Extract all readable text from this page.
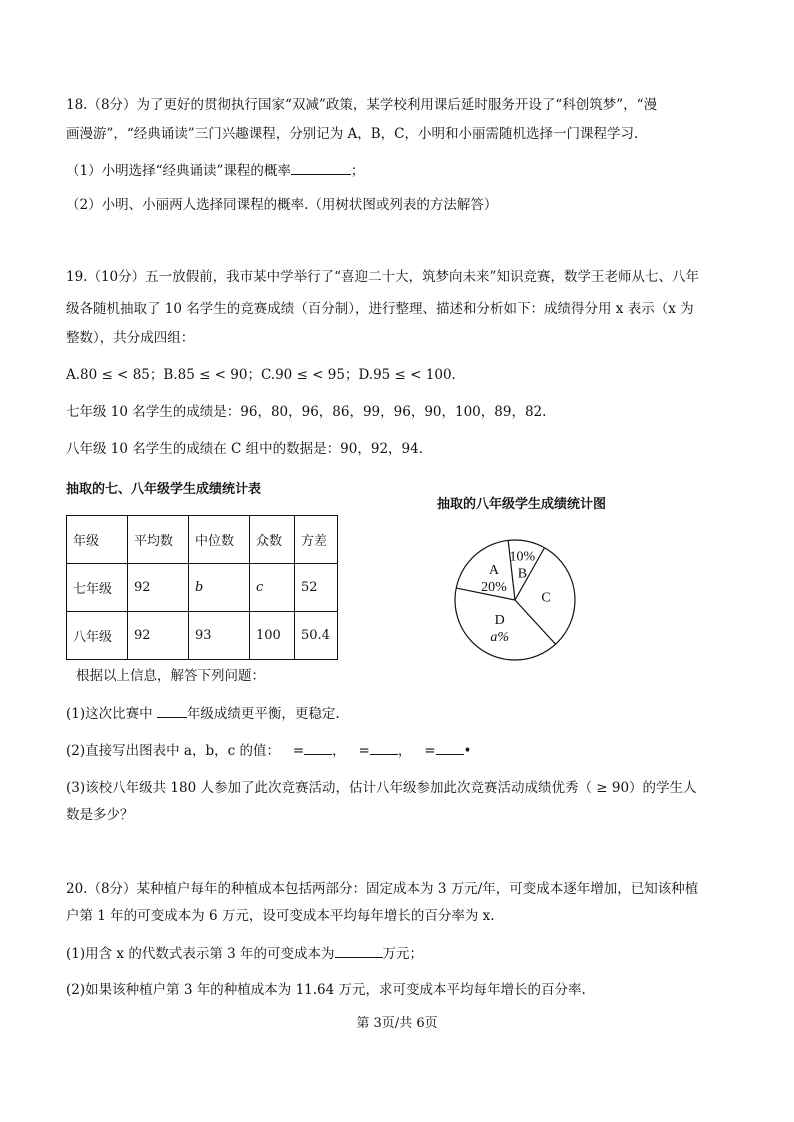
18.（8分）为了更好的贯彻执行国家“双减”政策，某学校利用课后延时服务开设了“科创筑梦”，“漫
画漫游”，“经典诵读”三门兴趣课程，分别记为 A，B，C，小明和小丽需随机选择一门课程学习.
（1）小明选择“经典诵读”课程的概率	；
（2）小明、小丽两人选择同课程的概率.（用树状图或列表的方法解答）
19.（10分）五一放假前，我市某中学举行了“喜迎二十大，筑梦向未来”知识竞赛，数学王老师从七、八年
级各随机抽取了 10 名学生的竞赛成绩（百分制），进行整理、描述和分析如下：成绩得分用 x 表示（x 为
整数），共分成四组：
A.80 ≤ < 85；B.85 ≤ < 90；C.90 ≤ < 95；D.95 ≤ < 100.
七年级 10 名学生的成绩是：96，80，96，86，99，96，90，100，89，82.
八年级 10 名学生的成绩在 C 组中的数据是：90，92，94.
抽取的七、八年级学生成绩统计表
抽取的八年级学生成绩统计图
年级	平均数	中位数	众数	方差
七年级	92	b	c	52
八年级	92	93	100	50.4
A
20%
10%
B
C
D
a%
根据以上信息，解答下列问题：
(1)这次比赛中	年级成绩更平衡，更稳定.
(2)直接写出图表中 a，b，c 的值： = ， = ， = •
(3)该校八年级共 180 人参加了此次竞赛活动，估计八年级参加此次竞赛活动成绩优秀（ ≥ 90）的学生人
数是多少？
20.（8分）某种植户每年的种植成本包括两部分：固定成本为 3 万元/年，可变成本逐年增加，已知该种植
户第 1 年的可变成本为 6 万元，设可变成本平均每年增长的百分率为 x.
(1)用含 x 的代数式表示第 3 年的可变成本为	万元；
(2)如果该种植户第 3 年的种植成本为 11.64 万元，求可变成本平均每年增长的百分率.
第 3页/共 6页
